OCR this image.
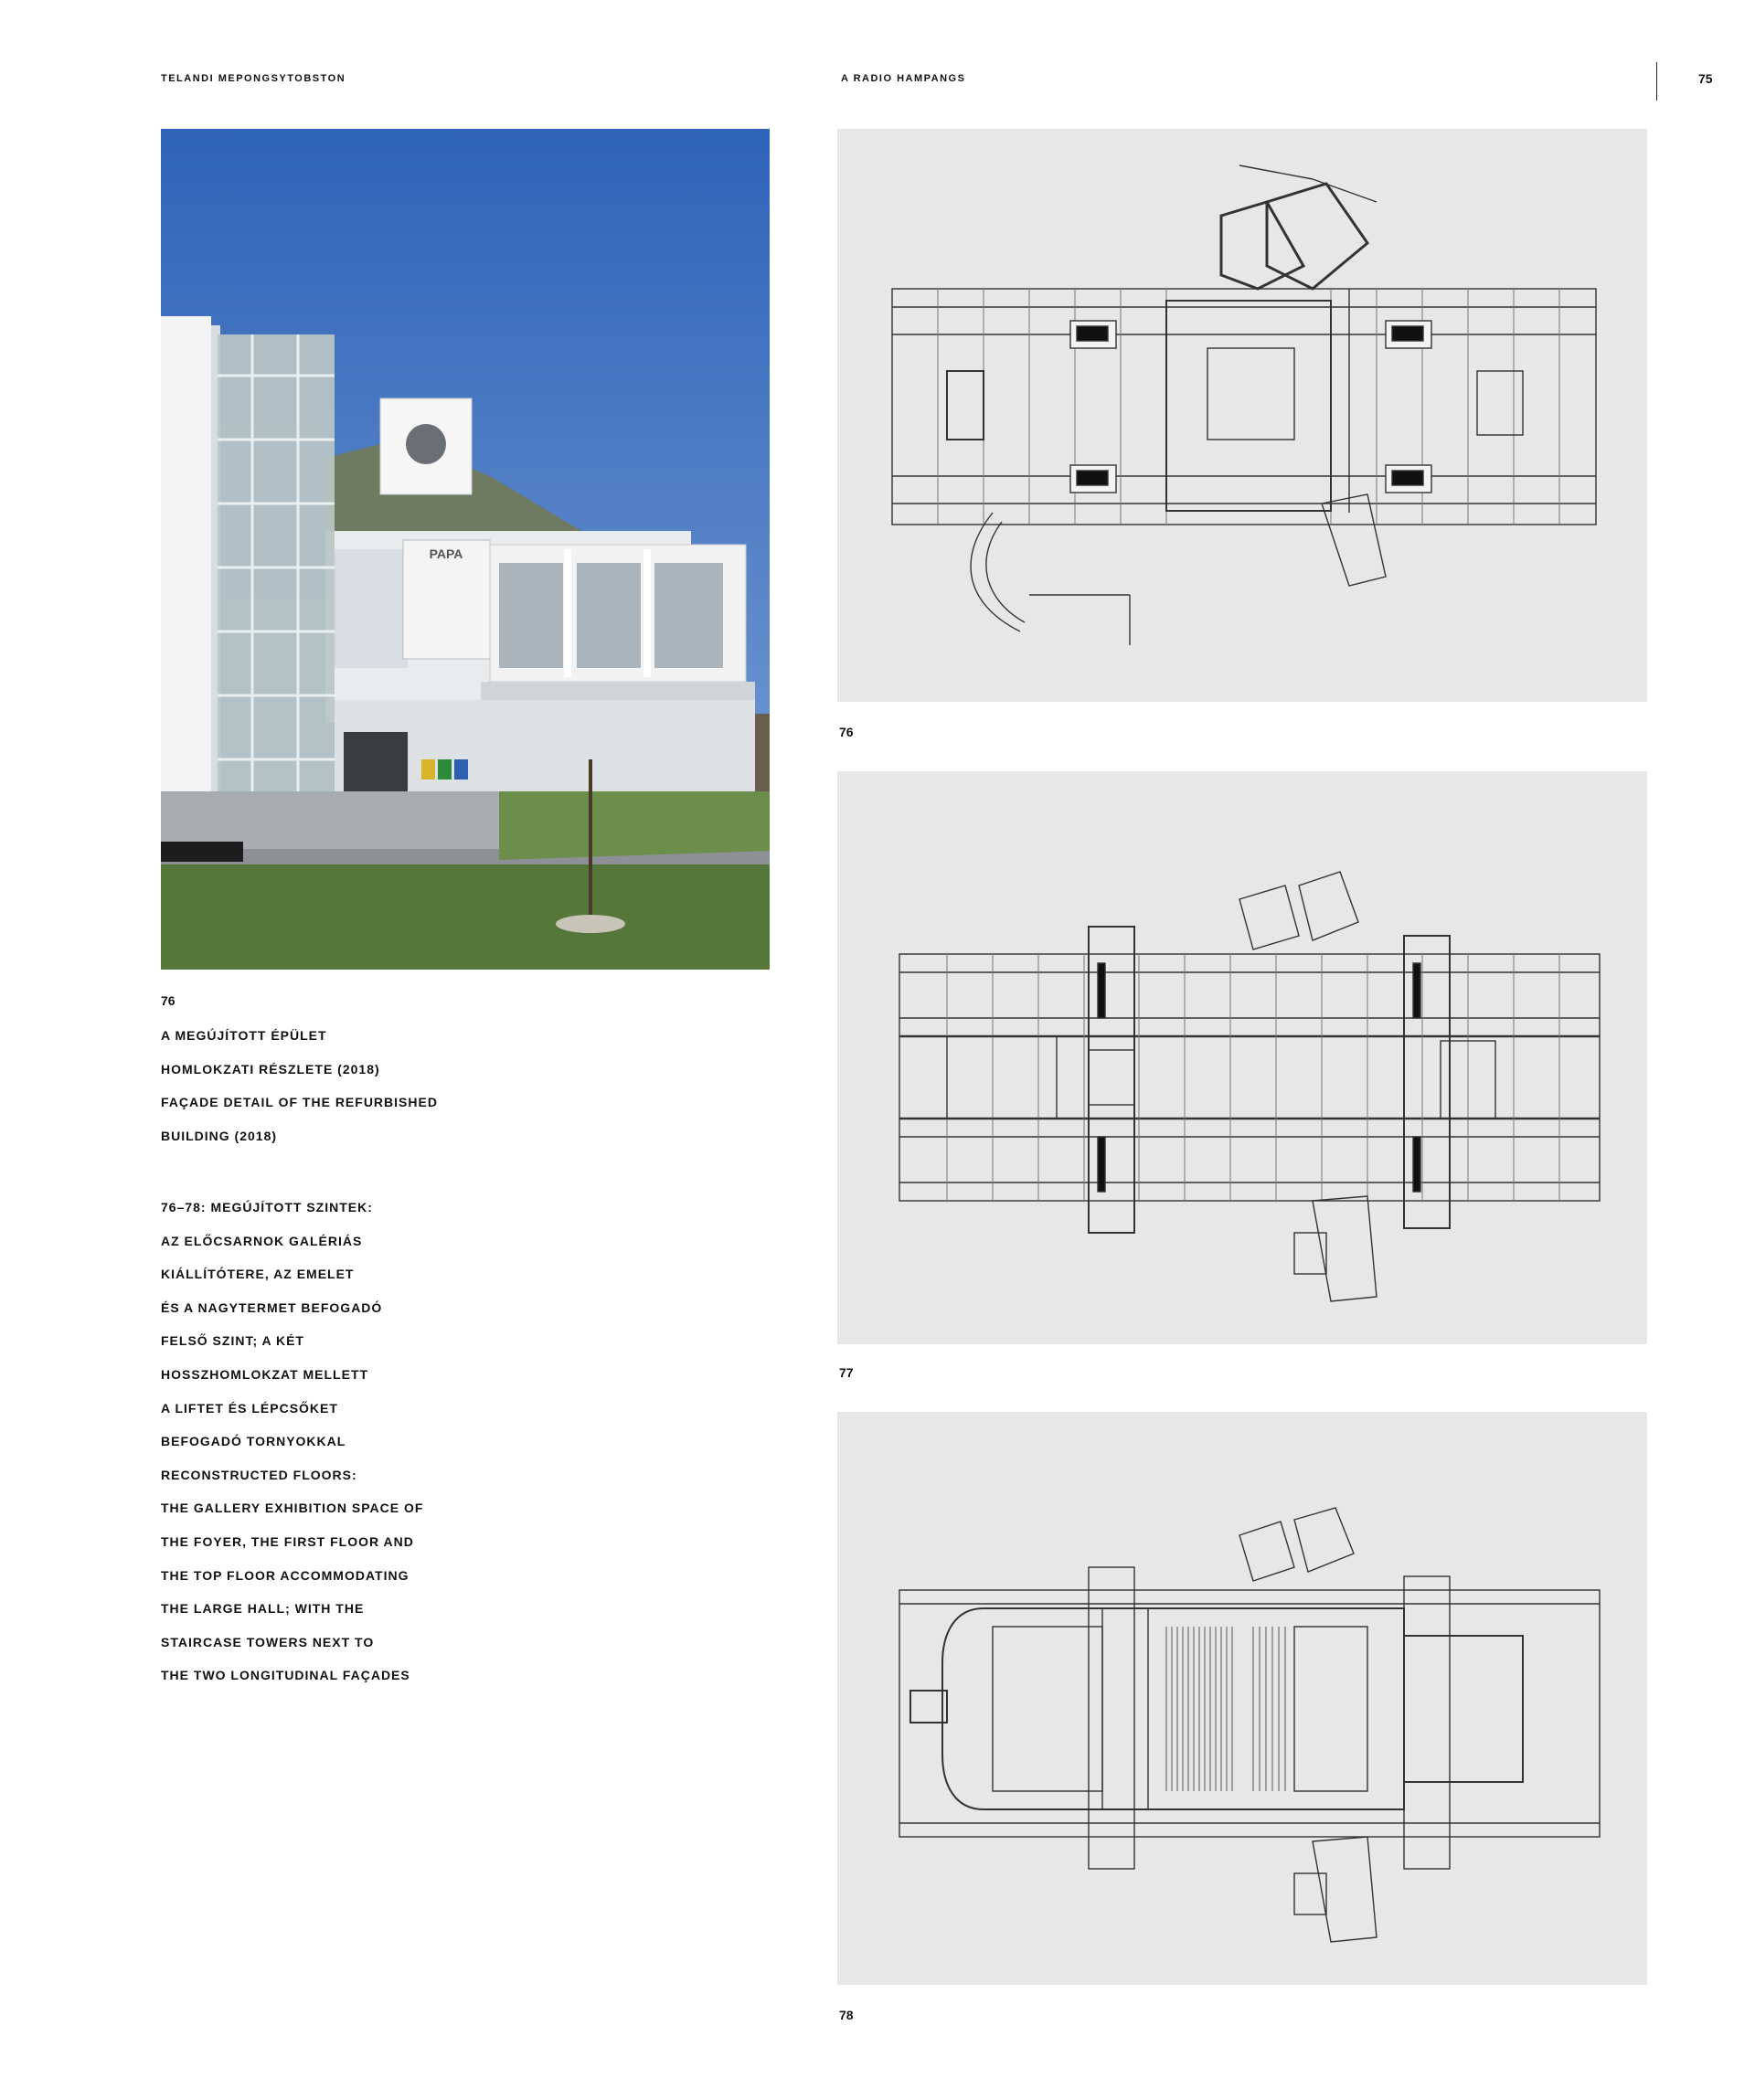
TELANDI MEPONGSYTOBSTON	A RADIO HAMPANGS	75
PAPA
76
A MEGÚJÍTOTT ÉPÜLET
HOMLOKZATI RÉSZLETE (2018)
FAÇADE DETAIL OF THE REFURBISHED
BUILDING (2018)
76–78: MEGÚJÍTOTT SZINTEK:
AZ ELŐCSARNOK GALÉRIÁS
KIÁLLÍTÓTERE, AZ EMELET
ÉS A NAGYTERMET BEFOGADÓ
FELSŐ SZINT; A KÉT
HOSSZHOMLOKZAT MELLETT
A LIFTET ÉS LÉPCSŐKET
BEFOGADÓ TORNYOKKAL
RECONSTRUCTED FLOORS:
THE GALLERY EXHIBITION SPACE OF
THE FOYER, THE FIRST FLOOR AND
THE TOP FLOOR ACCOMMODATING
THE LARGE HALL; WITH THE
STAIRCASE TOWERS NEXT TO
THE TWO LONGITUDINAL FAÇADES
76
77
78
